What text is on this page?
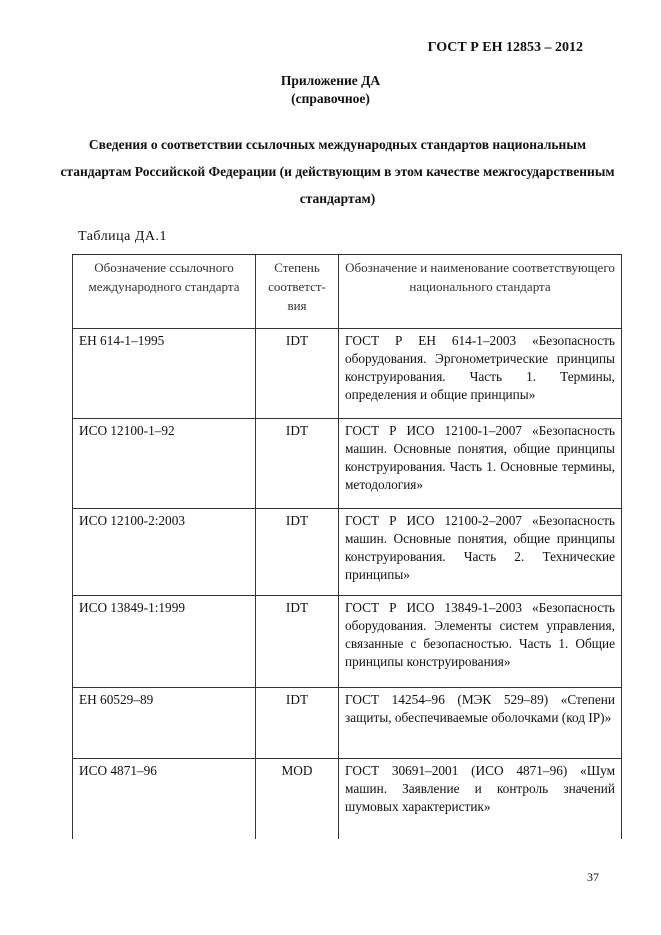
ГОСТ Р ЕН 12853 – 2012
Приложение ДА
(справочное)
Сведения о соответствии ссылочных международных стандартов национальным стандартам Российской Федерации (и действующим в этом качестве межгосударственным стандартам)
Таблица ДА.1
Обозначение ссылочного международного стандарта	Степень соответст-вия	Обозначение и наименование соответствующего национального стандарта
ЕН 614-1–1995	IDT	ГОСТ Р ЕН 614-1–2003 «Безопасность оборудования. Эргонометрические принципы конструирования. Часть 1. Термины, определения и общие принципы»
ИСО 12100-1–92	IDT	ГОСТ Р ИСО 12100-1–2007 «Безопасность машин. Основные понятия, общие принципы конструирования. Часть 1. Основные термины, методология»
ИСО 12100-2:2003	IDT	ГОСТ Р ИСО 12100-2–2007 «Безопасность машин. Основные понятия, общие принципы конструирования. Часть 2. Технические принципы»
ИСО 13849-1:1999	IDT	ГОСТ Р ИСО 13849-1–2003 «Безопасность оборудования. Элементы систем управления, связанные с безопасностью. Часть 1. Общие принципы конструирования»
ЕН 60529–89	IDT	ГОСТ 14254–96 (МЭК 529–89) «Степени защиты, обеспечиваемые оболочками (код IP)»
ИСО 4871–96	MOD	ГОСТ 30691–2001 (ИСО 4871–96) «Шум машин. Заявление и контроль значений шумовых характеристик»
37
